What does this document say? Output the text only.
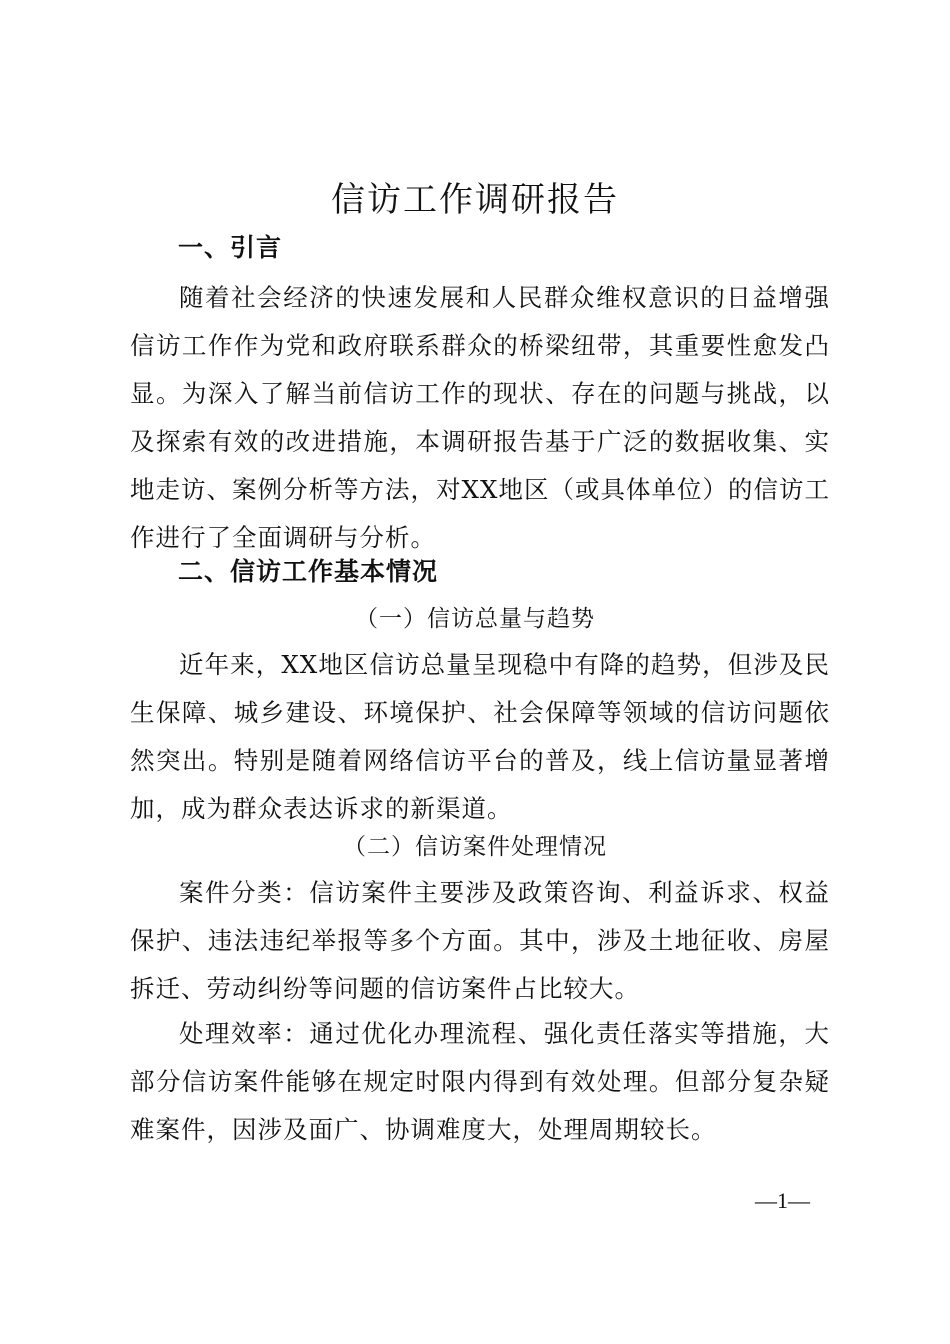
信访工作调研报告
一、引言
随着社会经济的快速发展和人民群众维权意识的日益增强信访工作作为党和政府联系群众的桥梁纽带，其重要性愈发凸显。为深入了解当前信访工作的现状、存在的问题与挑战，以及探索有效的改进措施，本调研报告基于广泛的数据收集、实地走访、案例分析等方法，对XX地区（或具体单位）的信访工作进行了全面调研与分析。
二、信访工作基本情况
（一）信访总量与趋势
近年来，XX地区信访总量呈现稳中有降的趋势，但涉及民生保障、城乡建设、环境保护、社会保障等领域的信访问题依然突出。特别是随着网络信访平台的普及，线上信访量显著增加，成为群众表达诉求的新渠道。
（二）信访案件处理情况
案件分类：信访案件主要涉及政策咨询、利益诉求、权益保护、违法违纪举报等多个方面。其中，涉及土地征收、房屋拆迁、劳动纠纷等问题的信访案件占比较大。
处理效率：通过优化办理流程、强化责任落实等措施，大部分信访案件能够在规定时限内得到有效处理。但部分复杂疑难案件，因涉及面广、协调难度大，处理周期较长。
—1—
